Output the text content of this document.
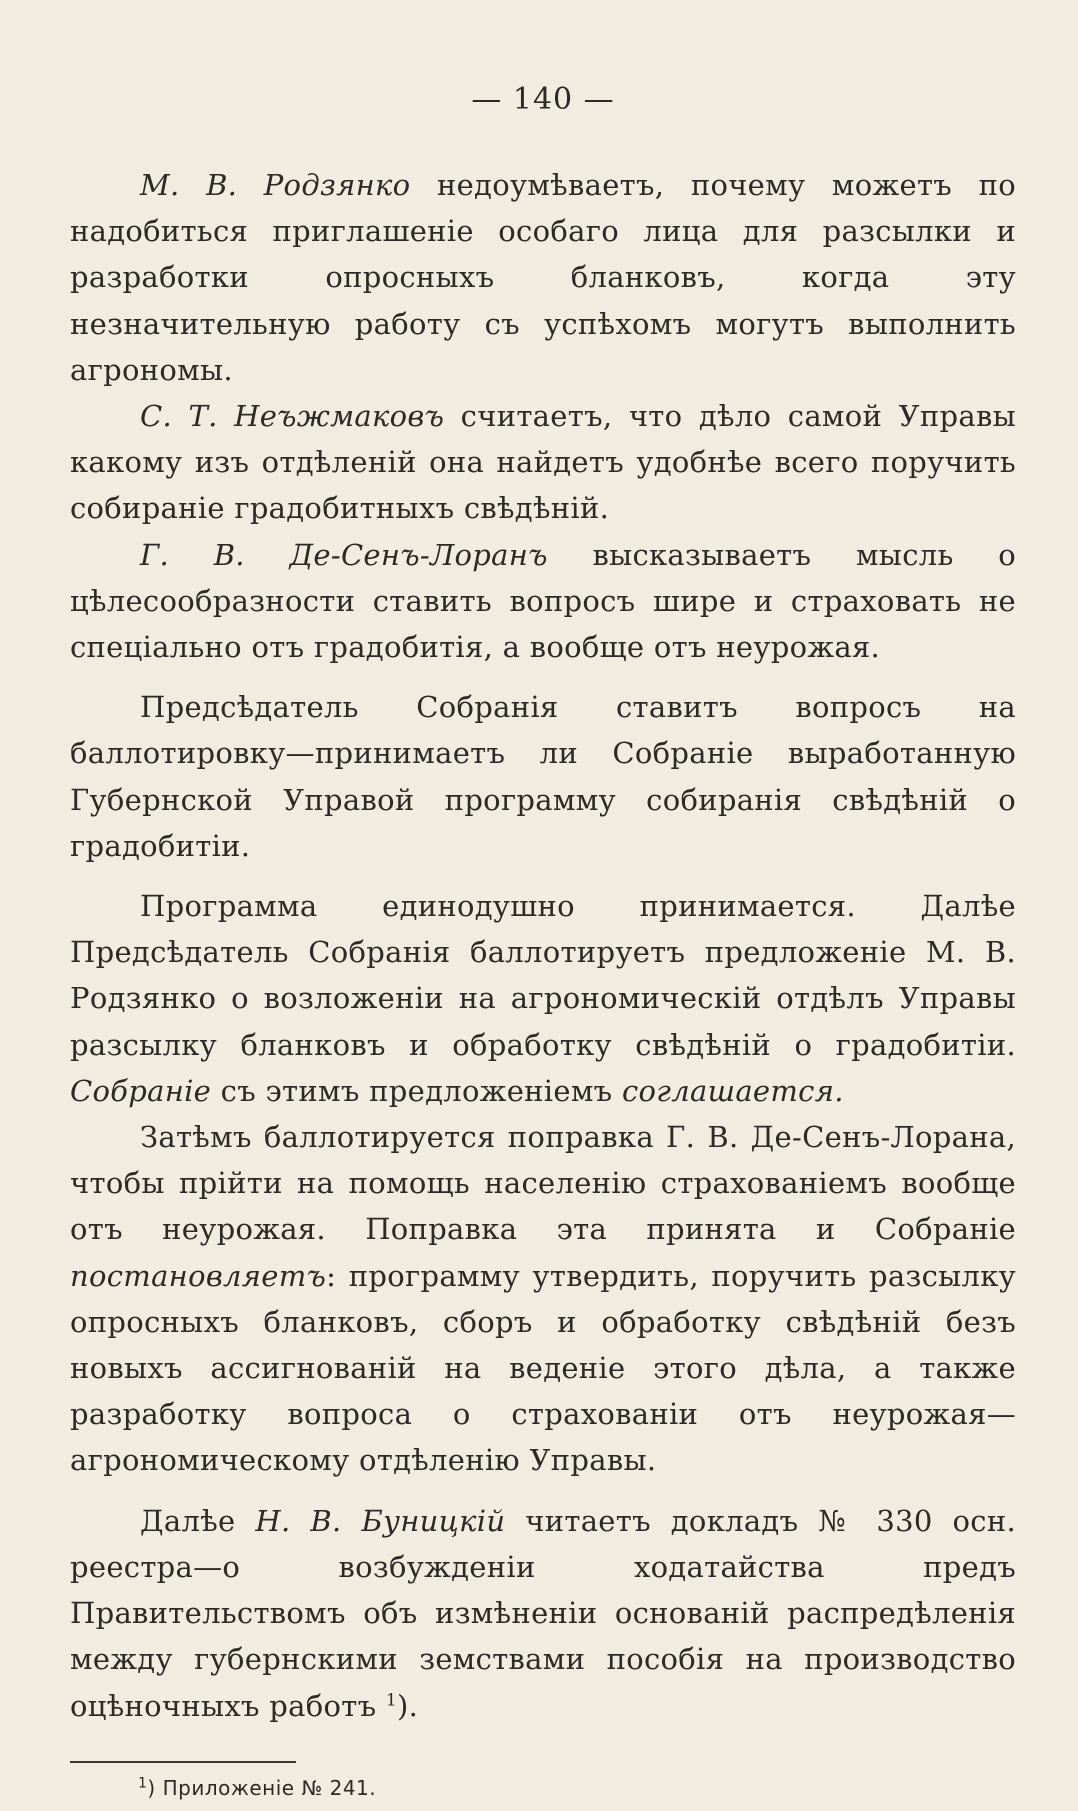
— 140 —

М. В. Родзянко недоумѣваетъ, почему можетъ по надобиться приглашеніе особаго лица для разсылки и разработки опросныхъ бланковъ, когда эту незначительную работу съ успѣхомъ могутъ выполнить агрономы.

С. Т. Неъжмаковъ считаетъ, что дѣло самой Управы какому изъ отдѣленій она найдетъ удобнѣе всего поручить собираніе градобитныхъ свѣдѣній.

Г. В. Де-Сенъ-Лоранъ высказываетъ мысль о цѣлесообразности ставить вопросъ шире и страховать не спеціально отъ градобитія, а вообще отъ неурожая.

Предсѣдатель Собранія ставитъ вопросъ на баллотировку—принимаетъ ли Собраніе выработанную Губернской Управой программу собиранія свѣдѣній о градобитіи.

Программа единодушно принимается. Далѣе Предсѣдатель Собранія баллотируетъ предложеніе М. В. Родзянко о возложеніи на агрономическій отдѣлъ Управы разсылку бланковъ и обработку свѣдѣній о градобитіи. Собраніе съ этимъ предложеніемъ соглашается.

Затѣмъ баллотируется поправка Г. В. Де-Сенъ-Лорана, чтобы прійти на помощь населенію страхованіемъ вообще отъ неурожая. Поправка эта принята и Собраніе постановляетъ: программу утвердить, поручить разсылку опросныхъ бланковъ, сборъ и обработку свѣдѣній безъ новыхъ ассигнованій на веденіе этого дѣла, а также разработку вопроса о страхованіи отъ неурожая—агрономическому отдѣленію Управы.

Далѣе Н. В. Буницкій читаетъ докладъ № 330 осн. реестра—о возбужденіи ходатайства предъ Правительствомъ объ измѣненіи основаній распредѣленія между губернскими земствами пособія на производство оцѣночныхъ работъ $^1$).

$^1$) Приложеніе № 241.
